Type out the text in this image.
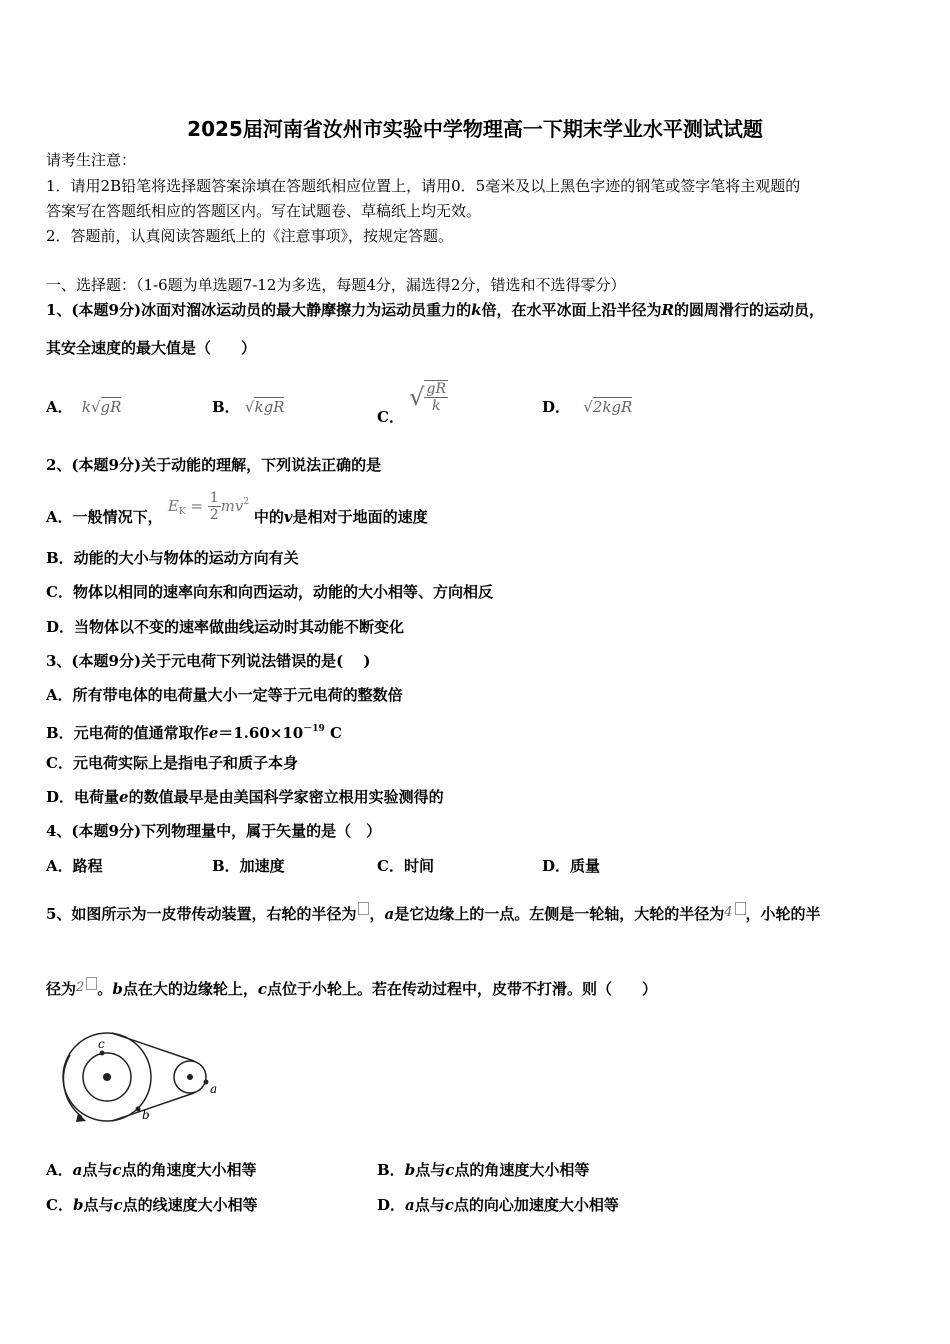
2025届河南省汝州市实验中学物理高一下期末学业水平测试试题
请考生注意：
1．请用2B铅笔将选择题答案涂填在答题纸相应位置上，请用0．5毫米及以上黑色字迹的钢笔或签字笔将主观题的
答案写在答题纸相应的答题区内。写在试题卷、草稿纸上均无效。
2．答题前，认真阅读答题纸上的《注意事项》，按规定答题。
一、选择题：（1-6题为单选题7-12为多选，每题4分，漏选得2分，错选和不选得零分）
1、(本题9分)冰面对溜冰运动员的最大静摩擦力为运动员重力的k倍，在水平冰面上沿半径为R的圆周滑行的运动员，
其安全速度的最大值是（　　）
A． k√gR	B． √kgR
C．
√ $\frac{gR}{k}$	D． √2kgR
2、(本题9分)关于动能的理解，下列说法正确的是
A．一般情况下， $E_K = \frac{1}{2} mv^2$ 中的v是相对于地面的速度
B．动能的大小与物体的运动方向有关
C．物体以相同的速率向东和向西运动，动能的大小相等、方向相反
D．当物体以不变的速率做曲线运动时其动能不断变化
3、(本题9分)关于元电荷下列说法错误的是(　 )
A．所有带电体的电荷量大小一定等于元电荷的整数倍
B．元电荷的值通常取作$e=1.60\times 10^{-19}$ C
C．元电荷实际上是指电子和质子本身
D．电荷量e的数值最早是由美国科学家密立根用实验测得的
4、(本题9分)下列物理量中，属于矢量的是（　）
A．路程	B．加速度	C．时间	D．质量
5、如图所示为一皮带传动装置，右轮的半径为 ，a是它边缘上的一点。左侧是一轮轴，大轮的半径为4 ，小轮的半
径为2 。b点在大的边缘轮上，c点位于小轮上。若在传动过程中，皮带不打滑。则（　　）
c
b
a
A．a点与c点的角速度大小相等	B．b点与c点的角速度大小相等
C．b点与c点的线速度大小相等	D．a点与c点的向心加速度大小相等
